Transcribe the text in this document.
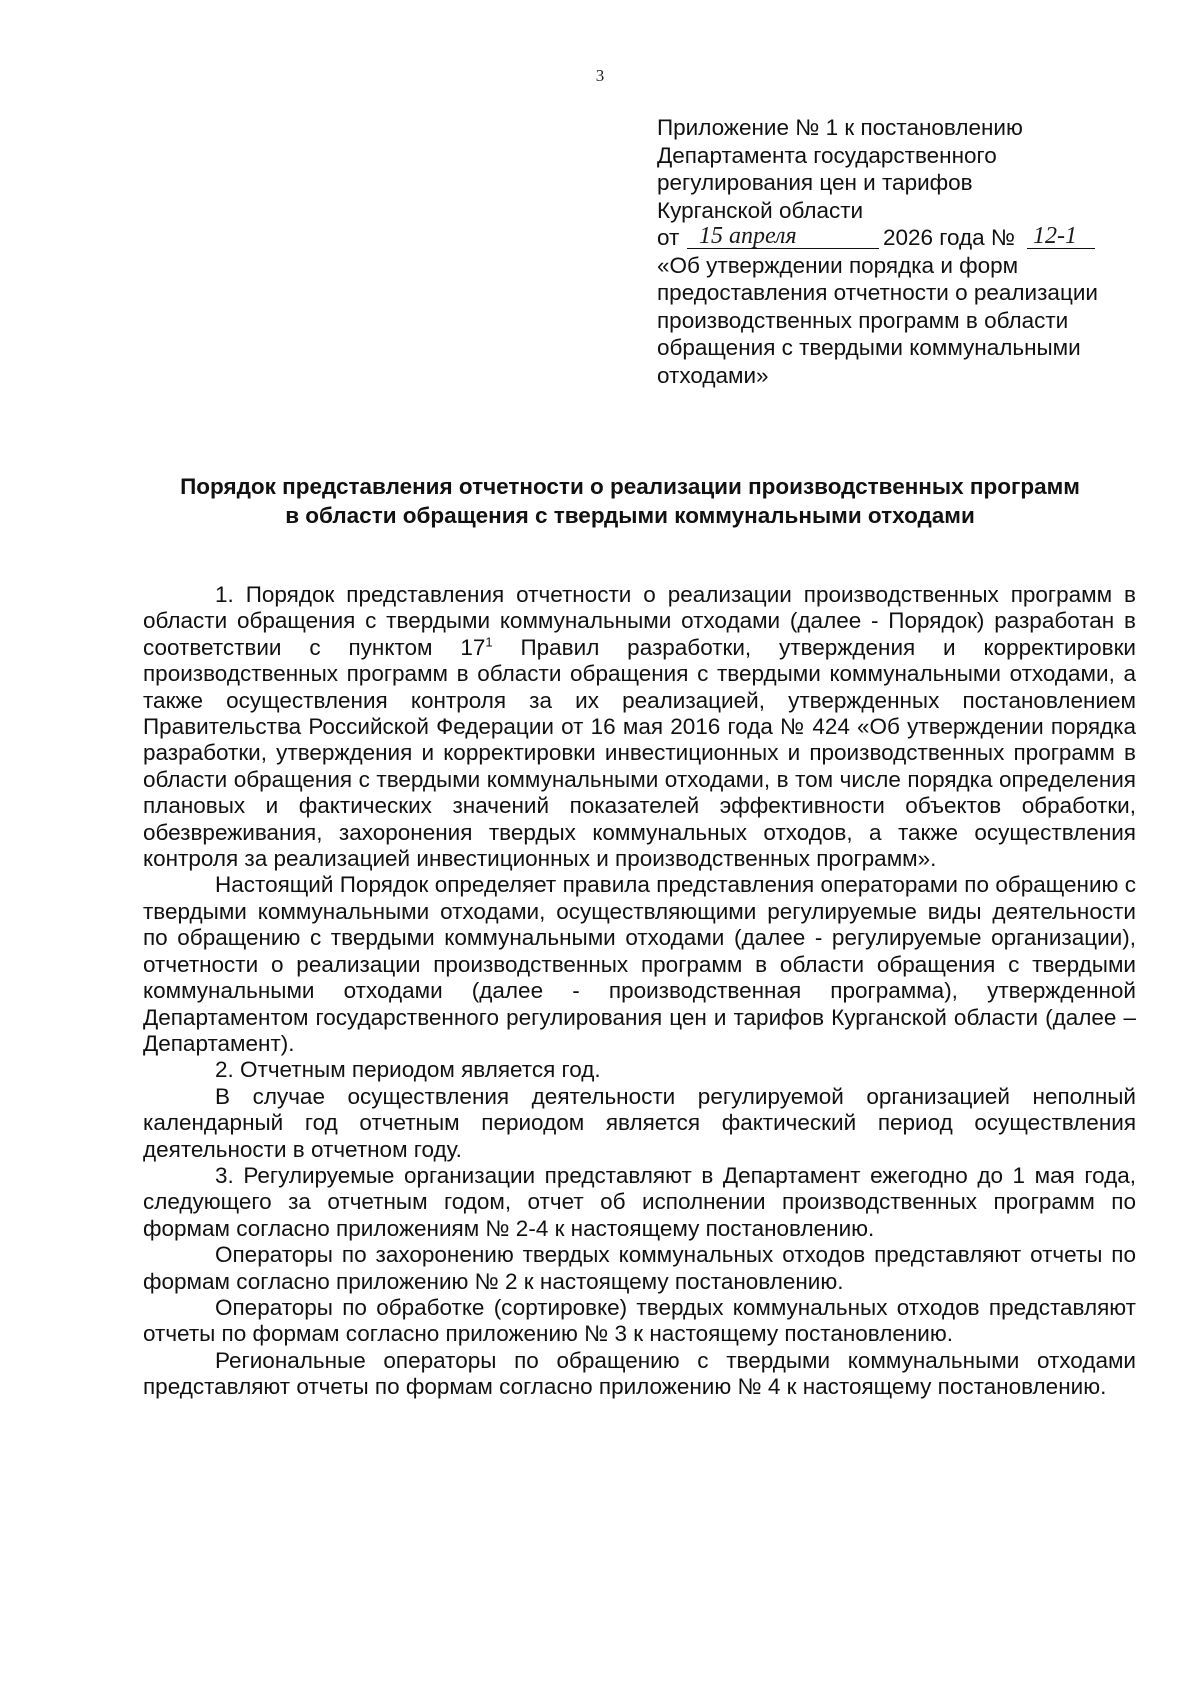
3
Приложение № 1 к постановлению
Департамента государственного
регулирования цен и тарифов
Курганской области
от 15 апреля	2026 года № 12-1
«Об утверждении порядка и форм
предоставления отчетности о реализации
производственных программ в области
обращения с твердыми коммунальными
отходами»
Порядок представления отчетности о реализации производственных программ
в области обращения с твердыми коммунальными отходами

1. Порядок представления отчетности о реализации производственных программ в области обращения с твердыми коммунальными отходами (далее - Порядок) разработан в соответствии с пунктом $17^1$ Правил разработки, утверждения и корректировки производственных программ в области обращения с твердыми коммунальными отходами, а также осуществления контроля за их реализацией, утвержденных постановлением Правительства Российской Федерации от 16 мая 2016 года № 424 «Об утверждении порядка разработки, утверждения и корректировки инвестиционных и производственных программ в области обращения с твердыми коммунальными отходами, в том числе порядка определения плановых и фактических значений показателей эффективности объектов обработки, обезвреживания, захоронения твердых коммунальных отходов, а также осуществления контроля за реализацией инвестиционных и производственных программ».

Настоящий Порядок определяет правила представления операторами по обращению с твердыми коммунальными отходами, осуществляющими регулируемые виды деятельности по обращению с твердыми коммунальными отходами (далее - регулируемые организации), отчетности о реализации производственных программ в области обращения с твердыми коммунальными отходами (далее - производственная программа), утвержденной Департаментом государственного регулирования цен и тарифов Курганской области (далее – Департамент).

2. Отчетным периодом является год.

В случае осуществления деятельности регулируемой организацией неполный календарный год отчетным периодом является фактический период осуществления деятельности в отчетном году.

3. Регулируемые организации представляют в Департамент ежегодно до 1 мая года, следующего за отчетным годом, отчет об исполнении производственных программ по формам согласно приложениям № 2-4 к настоящему постановлению.

Операторы по захоронению твердых коммунальных отходов представляют отчеты по формам согласно приложению № 2 к настоящему постановлению.

Операторы по обработке (сортировке) твердых коммунальных отходов представляют отчеты по формам согласно приложению № 3 к настоящему постановлению.

Региональные операторы по обращению с твердыми коммунальными отходами представляют отчеты по формам согласно приложению № 4 к настоящему постановлению.
